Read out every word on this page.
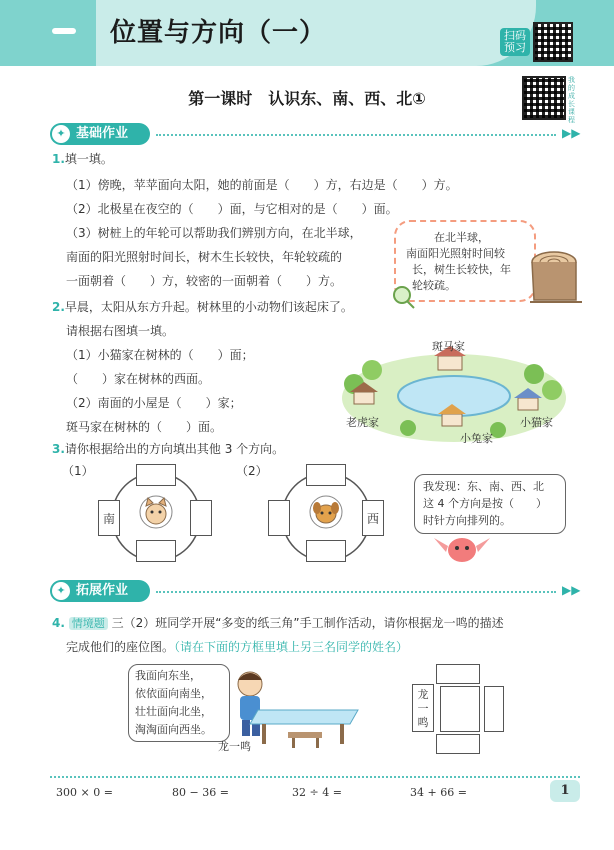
位置与方向（一）	扫码预习
第一课时　认识东、南、西、北①
我的成长课程
✦ 基础作业	▶▶
1.填一填。
（1）傍晚，苹苹面向太阳，她的前面是（　　）方，右边是（　　）方。
（2）北极星在夜空的（　　）面，与它相对的是（　　）面。
（3）树桩上的年轮可以帮助我们辨别方向，在北半球，
南面的阳光照射时间长，树木生长较快，年轮较疏的
一面朝着（　　）方，较密的一面朝着（　　）方。
在北半球，
南面阳光照射时间较
长，树生长较快，年
轮较疏。
2.早晨，太阳从东方升起。树林里的小动物们该起床了。
请根据右图填一填。
（1）小猫家在树林的（　　）面；
（　　）家在树林的西面。
（2）南面的小屋是（　　）家；
斑马家在树林的（　　）面。
斑马家
老虎家	小猫家
小兔家
3.请你根据给出的方向填出其他 3 个方向。
（1）	（2）
南	西
我发现：东、南、西、北
这 4 个方向是按（　　）
时针方向排列的。
✦ 拓展作业	▶▶
4. 情境题 三（2）班同学开展“多变的纸三角”手工制作活动，请你根据龙一鸣的描述
完成他们的座位图。（请在下面的方框里填上另三名同学的姓名）
我面向东坐，
依依面向南坐，
壮壮面向北坐，
淘淘面向西坐。
龙一鸣
龙一鸣
300 × 0 =	80 − 36 =	32 ÷ 4 =	34 + 66 =	1
